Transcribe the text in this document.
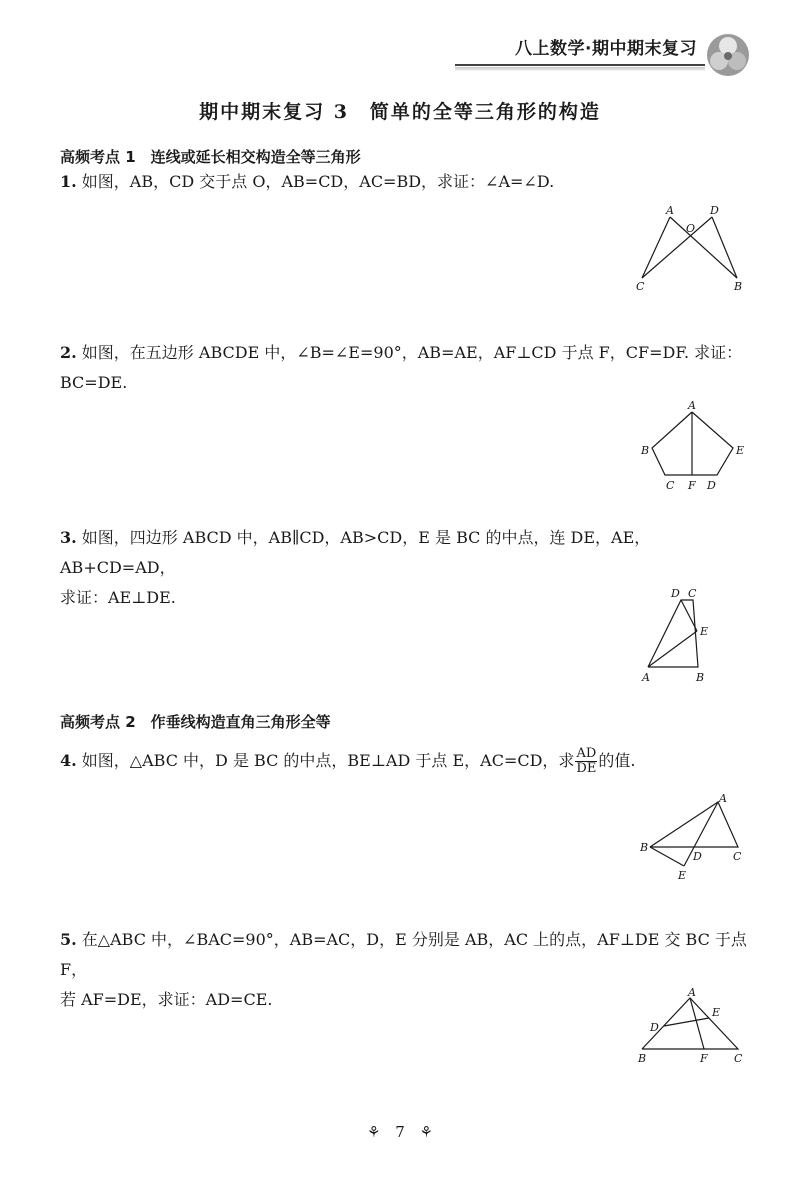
八上数学·期中期末复习
期中期末复习 3　简单的全等三角形的构造
高频考点 1　连线或延长相交构造全等三角形
1. 如图，AB，CD 交于点 O，AB=CD，AC=BD，求证：∠A=∠D.
A	D
O
C	B
2. 如图，在五边形 ABCDE 中，∠B=∠E=90°，AB=AE，AF⊥CD 于点 F，CF=DF. 求证：
BC=DE.
A
B	E
C F D
3. 如图，四边形 ABCD 中，AB∥CD，AB>CD，E 是 BC 的中点，连 DE，AE，AB+CD=AD，
求证：AE⊥DE.	D C
E
A	B
高频考点 2　作垂线构造直角三角形全等
4. 如图，△ABC 中，D 是 BC 的中点，BE⊥AD 于点 E，AC=CD，求 $\frac{AD}{DE}$ 的值.
A
B
D	C
E
5. 在△ABC 中，∠BAC=90°，AB=AC，D，E 分别是 AB，AC 上的点，AF⊥DE 交 BC 于点 F，
若 AF=DE，求证：AD=CE.	A
D
E
B	F C
⚘ 7 ⚘
